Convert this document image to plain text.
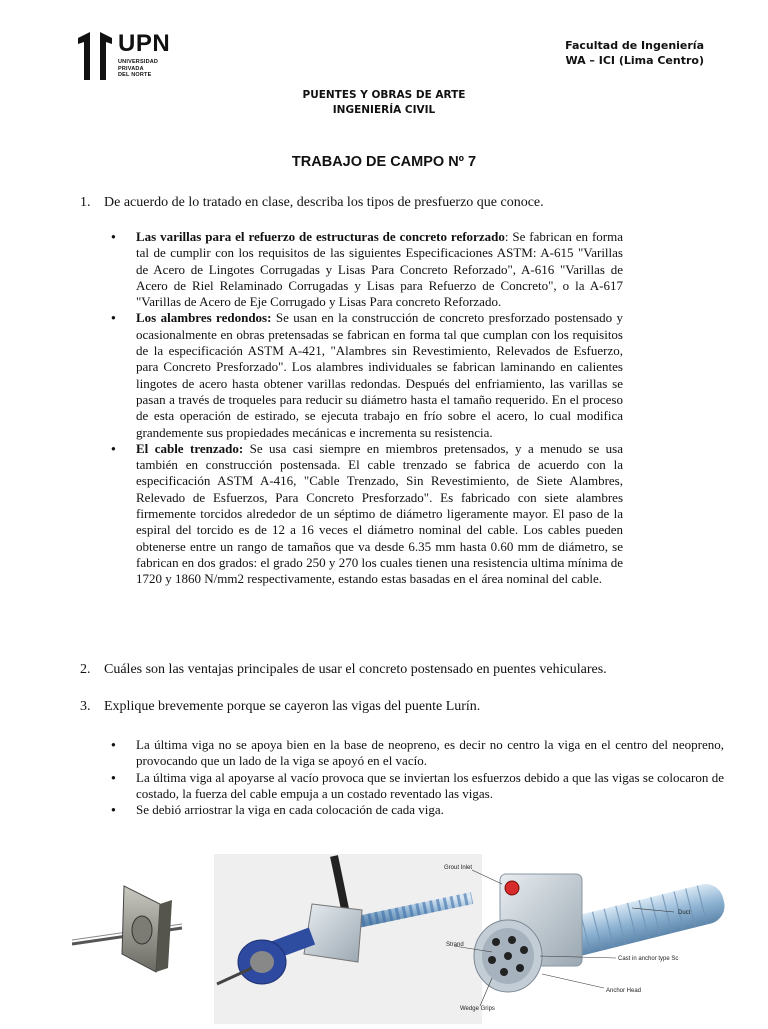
UPN
UNIVERSIDAD
PRIVADA
DEL NORTE
Facultad de Ingeniería
WA – ICI (Lima Centro)
PUENTES Y OBRAS DE ARTE
INGENIERÍA CIVIL
TRABAJO DE CAMPO Nº 7
1. De acuerdo de lo tratado en clase, describa los tipos de presfuerzo que conoce.
● Las varillas para el refuerzo de estructuras de concreto reforzado: Se fabrican en forma tal de cumplir con los requisitos de las siguientes Especificaciones ASTM: A-615 "Varillas de Acero de Lingotes Corrugadas y Lisas Para Concreto Reforzado", A-616 "Varillas de Acero de Riel Relaminado Corrugadas y Lisas para Refuerzo de Concreto", o la A-617 "Varillas de Acero de Eje Corrugado y Lisas Para concreto Reforzado.
● Los alambres redondos: Se usan en la construcción de concreto presforzado postensado y ocasionalmente en obras pretensadas se fabrican en forma tal que cumplan con los requisitos de la especificación ASTM A-421, "Alambres sin Revestimiento, Relevados de Esfuerzo, para Concreto Presforzado". Los alambres individuales se fabrican laminando en calientes lingotes de acero hasta obtener varillas redondas. Después del enfriamiento, las varillas se pasan a través de troqueles para reducir su diámetro hasta el tamaño requerido. En el proceso de esta operación de estirado, se ejecuta trabajo en frío sobre el acero, lo cual modifica grandemente sus propiedades mecánicas e incrementa su resistencia.
● El cable trenzado: Se usa casi siempre en miembros pretensados, y a menudo se usa también en construcción postensada. El cable trenzado se fabrica de acuerdo con la especificación ASTM A-416, "Cable Trenzado, Sin Revestimiento, de Siete Alambres, Relevado de Esfuerzos, Para Concreto Presforzado". Es fabricado con siete alambres firmemente torcidos alrededor de un séptimo de diámetro ligeramente mayor. El paso de la espiral del torcido es de 12 a 16 veces el diámetro nominal del cable. Los cables pueden obtenerse entre un rango de tamaños que va desde 6.35 mm hasta 0.60 mm de diámetro, se fabrican en dos grados: el grado 250 y 270 los cuales tienen una resistencia ultima mínima de 1720 y 1860 N/mm2 respectivamente, estando estas basadas en el área nominal del cable.
2. Cuáles son las ventajas principales de usar el concreto postensado en puentes vehiculares.
3. Explique brevemente porque se cayeron las vigas del puente Lurín.
● La última viga no se apoya bien en la base de neopreno, es decir no centro la viga en el centro del neopreno, provocando que un lado de la viga se apoyó en el vacío.
● La última viga al apoyarse al vacío provoca que se inviertan los esfuerzos debido a que las vigas se colocaron de costado, la fuerza del cable empuja a un costado reventado las vigas.
● Se debió arriostrar la viga en cada colocación de cada viga.
Grout Inlet
Duct
Strand
Cast in anchor type Sc
Anchor Head
Wedge Grips
